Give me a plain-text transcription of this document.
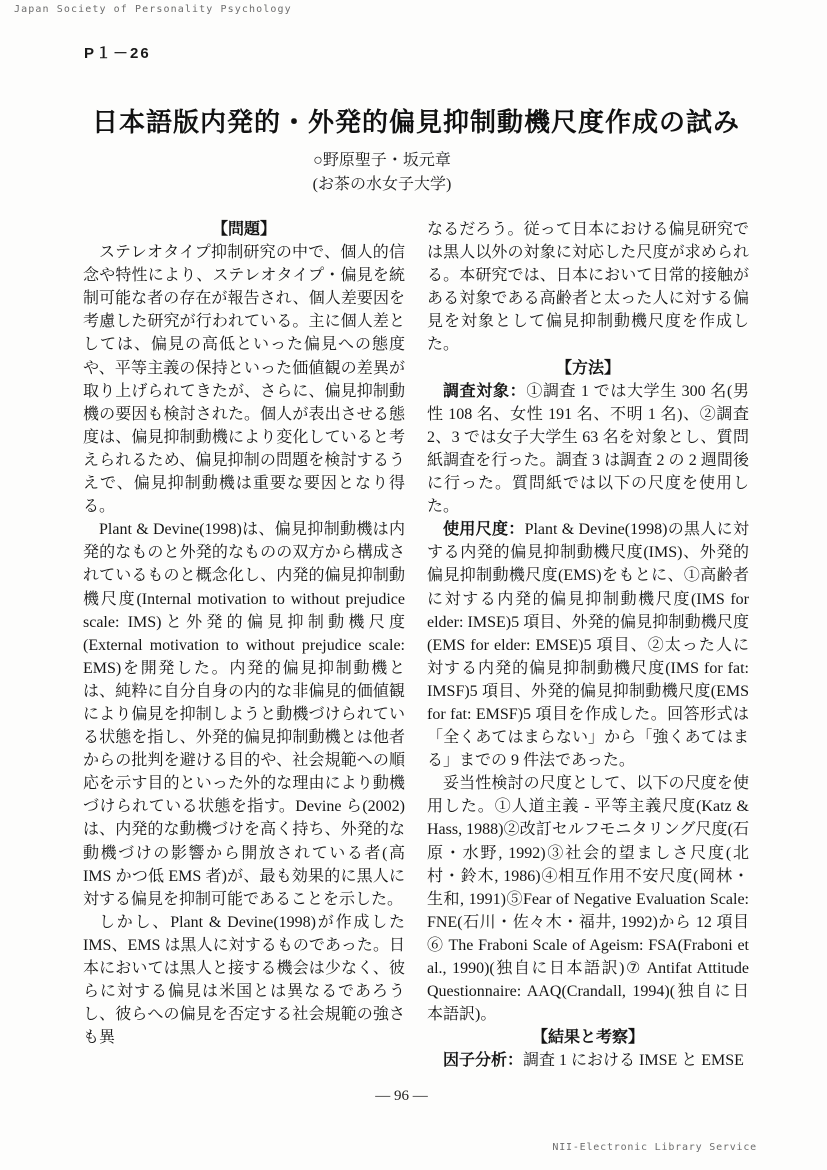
Japan Society of Personality Psychology
P１－26
日本語版内発的・外発的偏見抑制動機尺度作成の試み
○野原聖子・坂元章
(お茶の水女子大学)
【問題】

ステレオタイプ抑制研究の中で、個人的信念や特性により、ステレオタイプ・偏見を統制可能な者の存在が報告され、個人差要因を考慮した研究が行われている。主に個人差としては、偏見の高低といった偏見への態度や、平等主義の保持といった価値観の差異が取り上げられてきたが、さらに、偏見抑制動機の要因も検討された。個人が表出させる態度は、偏見抑制動機により変化していると考えられるため、偏見抑制の問題を検討するうえで、偏見抑制動機は重要な要因となり得る。

Plant & Devine(1998)は、偏見抑制動機は内発的なものと外発的なものの双方から構成されているものと概念化し、内発的偏見抑制動機尺度(Internal motivation to without prejudice scale: IMS)と外発的偏見抑制動機尺度(External motivation to without prejudice scale: EMS)を開発した。内発的偏見抑制動機とは、純粋に自分自身の内的な非偏見的価値観により偏見を抑制しようと動機づけられている状態を指し、外発的偏見抑制動機とは他者からの批判を避ける目的や、社会規範への順応を示す目的といった外的な理由により動機づけられている状態を指す。Devine ら(2002)は、内発的な動機づけを高く持ち、外発的な動機づけの影響から開放されている者(高 IMS かつ低 EMS 者)が、最も効果的に黒人に対する偏見を抑制可能であることを示した。

しかし、Plant & Devine(1998)が作成した IMS、EMS は黒人に対するものであった。日本においては黒人と接する機会は少なく、彼らに対する偏見は米国とは異なるであろうし、彼らへの偏見を否定する社会規範の強さも異

なるだろう。従って日本における偏見研究では黒人以外の対象に対応した尺度が求められる。本研究では、日本において日常的接触がある対象である高齢者と太った人に対する偏見を対象として偏見抑制動機尺度を作成した。

【方法】

調査対象：①調査 1 では大学生 300 名(男性 108 名、女性 191 名、不明 1 名)、②調査 2、3 では女子大学生 63 名を対象とし、質問紙調査を行った。調査 3 は調査 2 の 2 週間後に行った。質問紙では以下の尺度を使用した。

使用尺度：Plant & Devine(1998)の黒人に対する内発的偏見抑制動機尺度(IMS)、外発的偏見抑制動機尺度(EMS)をもとに、①高齢者に対する内発的偏見抑制動機尺度(IMS for elder: IMSE)5 項目、外発的偏見抑制動機尺度(EMS for elder: EMSE)5 項目、②太った人に対する内発的偏見抑制動機尺度(IMS for fat: IMSF)5 項目、外発的偏見抑制動機尺度(EMS for fat: EMSF)5 項目を作成した。回答形式は「全くあてはまらない」から「強くあてはまる」までの 9 件法であった。

妥当性検討の尺度として、以下の尺度を使用した。①人道主義 - 平等主義尺度(Katz & Hass, 1988)②改訂セルフモニタリング尺度(石原・水野, 1992)③社会的望ましさ尺度(北村・鈴木, 1986)④相互作用不安尺度(岡林・生和, 1991)⑤Fear of Negative Evaluation Scale: FNE(石川・佐々木・福井, 1992)から 12 項目⑥ The Fraboni Scale of Ageism: FSA(Fraboni et al., 1990)(独自に日本語訳)⑦ Antifat Attitude Questionnaire: AAQ(Crandall, 1994)(独自に日本語訳)。

【結果と考察】

因子分析：調査 1 における IMSE と EMSE

— 96 —
NII-Electronic Library Service
